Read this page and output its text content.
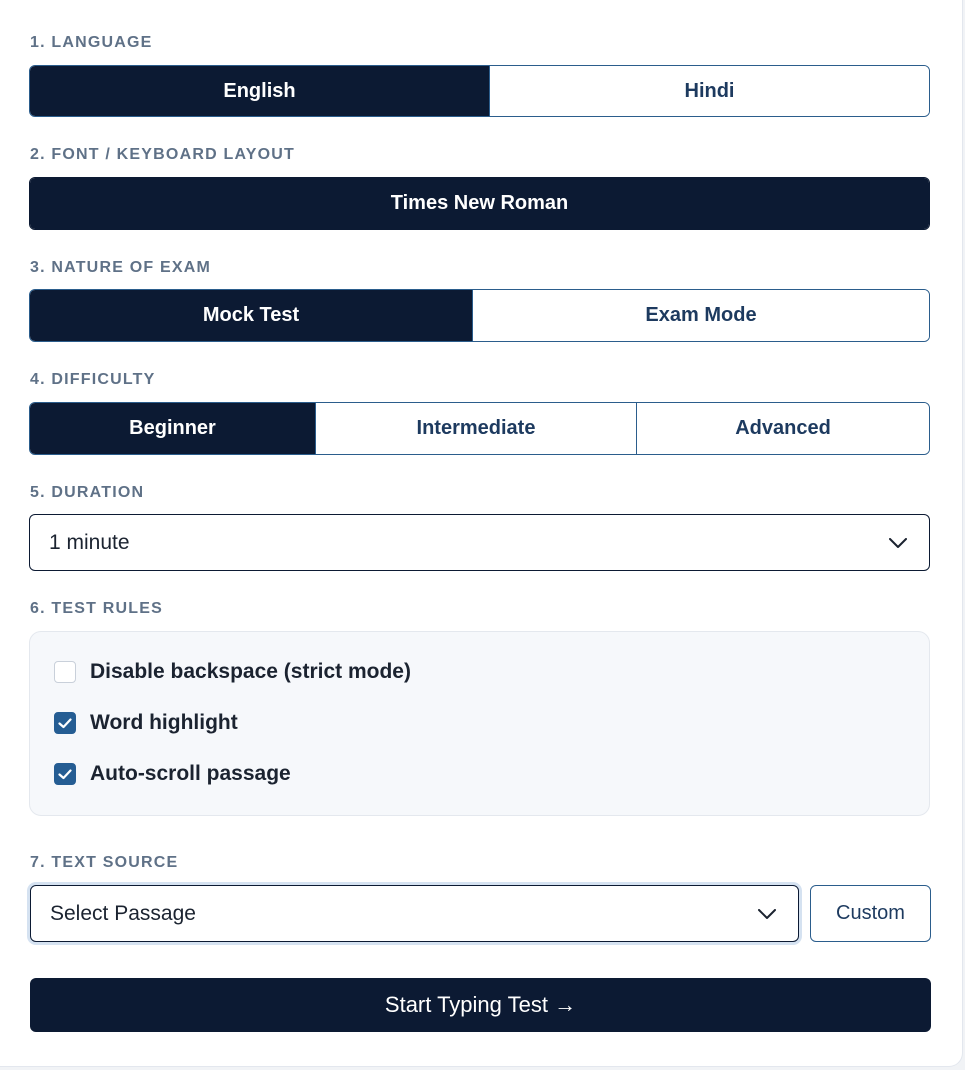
1. LANGUAGE
English	Hindi
2. FONT / KEYBOARD LAYOUT
Times New Roman
3. NATURE OF EXAM
Mock Test	Exam Mode
4. DIFFICULTY
Beginner	Intermediate	Advanced
5. DURATION
1 minute
6. TEST RULES
Disable backspace (strict mode)
Word highlight
Auto-scroll passage
7. TEXT SOURCE
Select Passage	Custom
Start Typing Test →
